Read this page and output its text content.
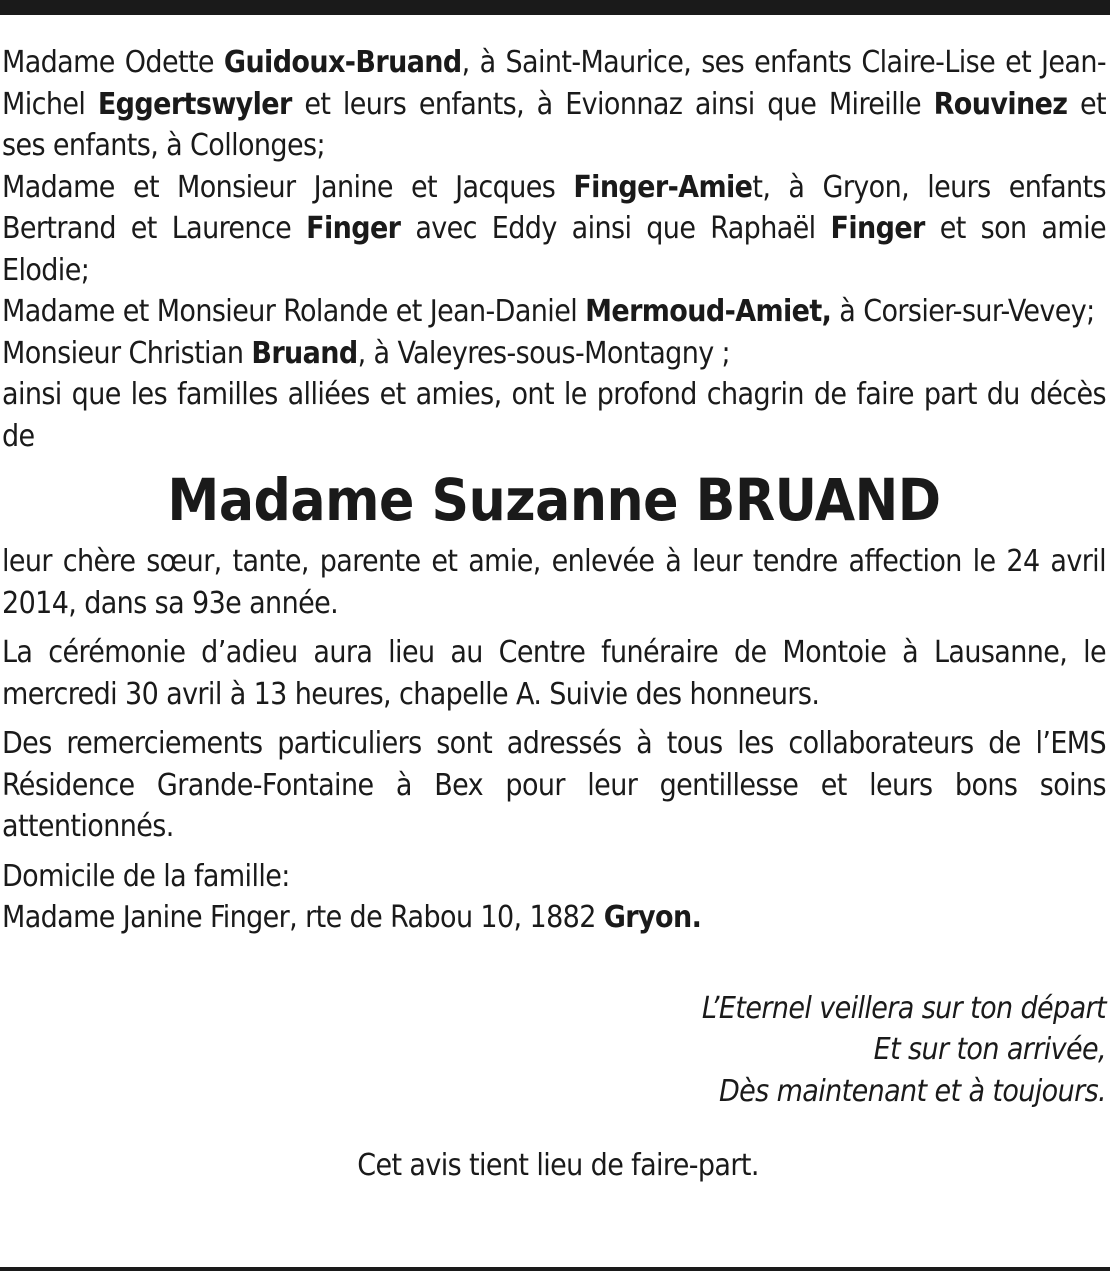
Madame Odette Guidoux-Bruand, à Saint-Maurice, ses enfants Claire-Lise et Jean-Michel Eggertswyler et leurs enfants, à Evionnaz ainsi que Mireille Rouvinez et ses enfants, à Collonges;
Madame et Monsieur Janine et Jacques Finger-Amiet, à Gryon, leurs enfants Bertrand et Laurence Finger avec Eddy ainsi que Raphaël Finger et son amie Elodie;
Madame et Monsieur Rolande et Jean-Daniel Mermoud-Amiet, à Corsier-sur-Vevey;
Monsieur Christian Bruand, à Valeyres-sous-Montagny ;
ainsi que les familles alliées et amies, ont le profond chagrin de faire part du décès de

Madame Suzanne BRUAND

leur chère sœur, tante, parente et amie, enlevée à leur tendre affection le 24 avril 2014, dans sa 93e année.

La cérémonie d’adieu aura lieu au Centre funéraire de Montoie à Lausanne, le mercredi 30 avril à 13 heures, chapelle A. Suivie des honneurs.

Des remerciements particuliers sont adressés à tous les collaborateurs de l’EMS Résidence Grande-Fontaine à Bex pour leur gentillesse et leurs bons soins attentionnés.

Domicile de la famille:
Madame Janine Finger, rte de Rabou 10, 1882 Gryon.

L’Eternel veillera sur ton départ
Et sur ton arrivée,
Dès maintenant et à toujours.
Cet avis tient lieu de faire-part.
